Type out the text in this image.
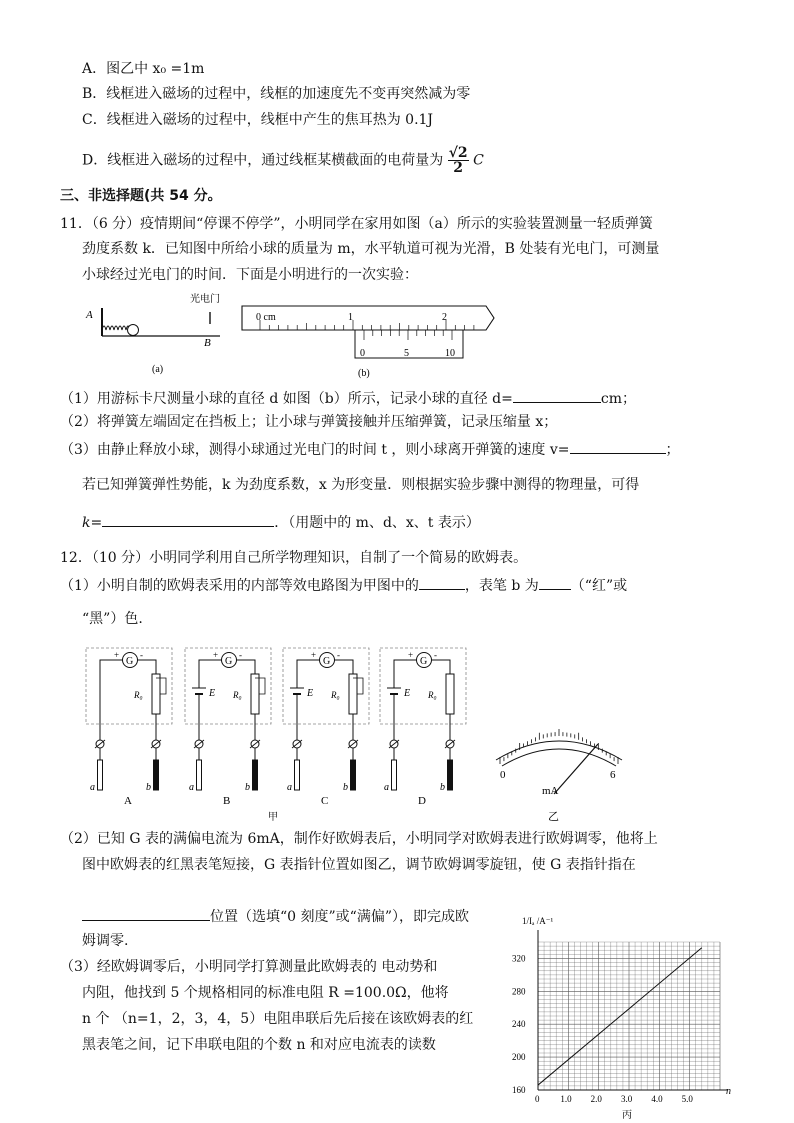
A．图乙中 x₀ =1m
B．线框进入磁场的过程中，线框的加速度先不变再突然减为零
C．线框进入磁场的过程中，线框中产生的焦耳热为 0.1J
D．线框进入磁场的过程中，通过线框某横截面的电荷量为 $\frac{√2}{2}$ C
三、非选择题(共 54 分。
11．（6 分）疫情期间“停课不停学”，小明同学在家用如图（a）所示的实验装置测量一轻质弹簧
劲度系数 k．已知图中所给小球的质量为 m，水平轨道可视为光滑，B 处装有光电门，可测量
小球经过光电门的时间．下面是小明进行的一次实验：
A
B
光电门
(a)
0 cm	1	2
0	5	10
(b)
（1）用游标卡尺测量小球的直径 d 如图（b）所示，记录小球的直径 d=	cm；
（2）将弹簧左端固定在挡板上；让小球与弹簧接触并压缩弹簧，记录压缩量 x；
（3）由静止释放小球，测得小球通过光电门的时间 t ，则小球离开弹簧的速度 v=	；
若已知弹簧弹性势能，k 为劲度系数，x 为形变量．则根据实验步骤中测得的物理量，可得
k=	．（用题中的 m、d、x、t 表示）
12．（10 分）小明同学利用自己所学物理知识，自制了一个简易的欧姆表。
（1）小明自制的欧姆表采用的内部等效电路图为甲图中的	，表笔 b 为 （“红”或
“黑”）色.
G
+ -
R₀
a	b
A
G
+ -
R₀
E
a	b
B
G
+ -
R₀
E
a	b
C
G
+ -
R₀
E
a	b
D
甲
0	6
mA
乙
（2）已知 G 表的满偏电流为 6mA，制作好欧姆表后，小明同学对欧姆表进行欧姆调零，他将上
图中欧姆表的红黑表笔短接，G 表指针位置如图乙，调节欧姆调零旋钮，使 G 表指针指在
位置（选填“0 刻度”或“满偏”），即完成欧
姆调零.
（3）经欧姆调零后，小明同学打算测量此欧姆表的 电动势和
内阻，他找到 5 个规格相同的标准电阻 R =100.0Ω，他将
n 个 （n=1，2，3，4，5）电阻串联后先后接在该欧姆表的红
黑表笔之间，记下串联电阻的个数 n 和对应电流表的读数
1/Iₐ /A⁻¹
n
丙
0 1.0 2.0 3.0 4.0 5.0
160
200
240
280
320
